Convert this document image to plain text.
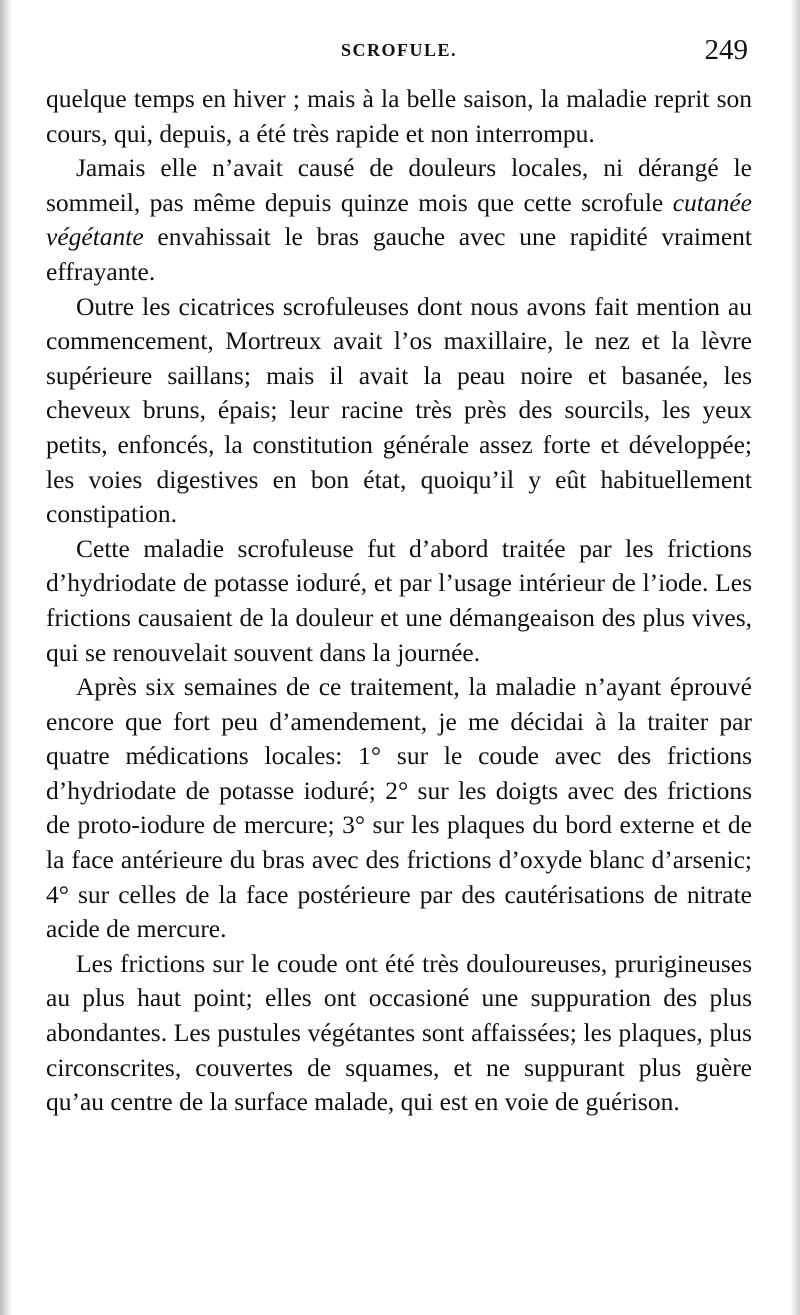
SCROFULE.	249

quelque temps en hiver ; mais à la belle saison, la maladie reprit son cours, qui, depuis, a été très rapide et non interrompu.

Jamais elle n’avait causé de douleurs locales, ni dérangé le sommeil, pas même depuis quinze mois que cette scrofule cutanée végétante envahissait le bras gauche avec une rapidité vraiment effrayante.

Outre les cicatrices scrofuleuses dont nous avons fait mention au commencement, Mortreux avait l’os maxillaire, le nez et la lèvre supérieure saillans; mais il avait la peau noire et basanée, les cheveux bruns, épais; leur racine très près des sourcils, les yeux petits, enfoncés, la constitution générale assez forte et développée; les voies digestives en bon état, quoiqu’il y eût habituellement constipation.

Cette maladie scrofuleuse fut d’abord traitée par les frictions d’hydriodate de potasse ioduré, et par l’usage intérieur de l’iode. Les frictions causaient de la douleur et une démangeaison des plus vives, qui se renouvelait souvent dans la journée.

Après six semaines de ce traitement, la maladie n’ayant éprouvé encore que fort peu d’amendement, je me décidai à la traiter par quatre médications locales: 1° sur le coude avec des frictions d’hydriodate de potasse ioduré; 2° sur les doigts avec des frictions de proto-iodure de mercure; 3° sur les plaques du bord externe et de la face antérieure du bras avec des frictions d’oxyde blanc d’arsenic; 4° sur celles de la face postérieure par des cautérisations de nitrate acide de mercure.

Les frictions sur le coude ont été très douloureuses, prurigineuses au plus haut point; elles ont occasioné une suppuration des plus abondantes. Les pustules végétantes sont affaissées; les plaques, plus circonscrites, couvertes de squames, et ne suppurant plus guère qu’au centre de la surface malade, qui est en voie de guérison.
